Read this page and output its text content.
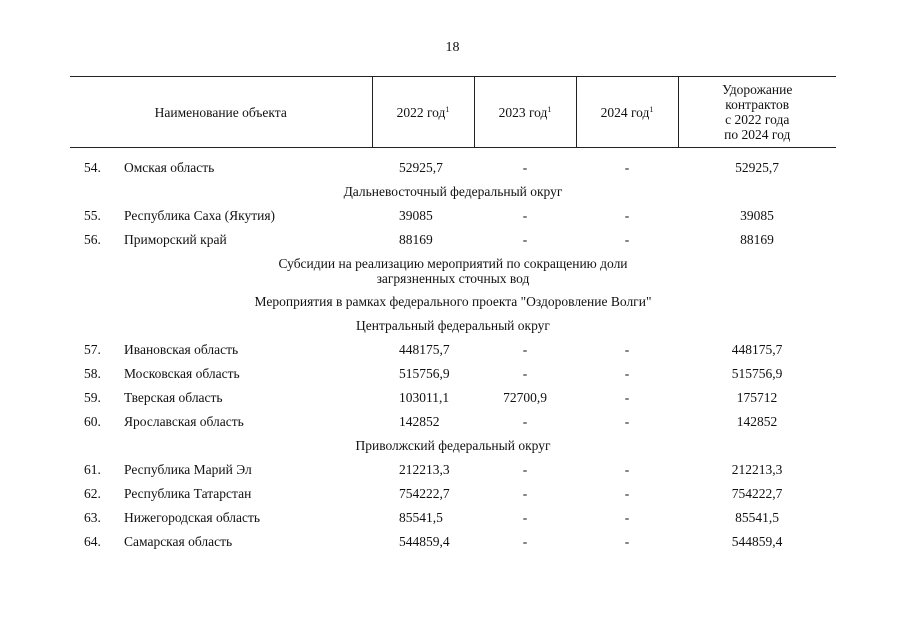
18
Наименование объекта	2022 год$^1$	2023 год$^1$	2024 год$^1$	Удорожание
контрактов
с 2022 года
по 2024 год

54. Омская область	52925,7	-	-	52925,7
Дальневосточный федеральный округ				
55. Республика Саха (Якутия)	39085	-	-	39085
56. Приморский край	88169	-	-	88169
Субсидии на реализацию мероприятий по сокращению доли
загрязненных сточных вод				
Мероприятия в рамках федерального проекта "Оздоровление Волги"				
Центральный федеральный округ				
57. Ивановская область	448175,7	-	-	448175,7
58. Московская область	515756,9	-	-	515756,9
59. Тверская область	103011,1	72700,9	-	175712
60. Ярославская область	142852	-	-	142852
Приволжский федеральный округ				
61. Республика Марий Эл	212213,3	-	-	212213,3
62. Республика Татарстан	754222,7	-	-	754222,7
63. Нижегородская область	85541,5	-	-	85541,5
64. Самарская область	544859,4	-	-	544859,4
